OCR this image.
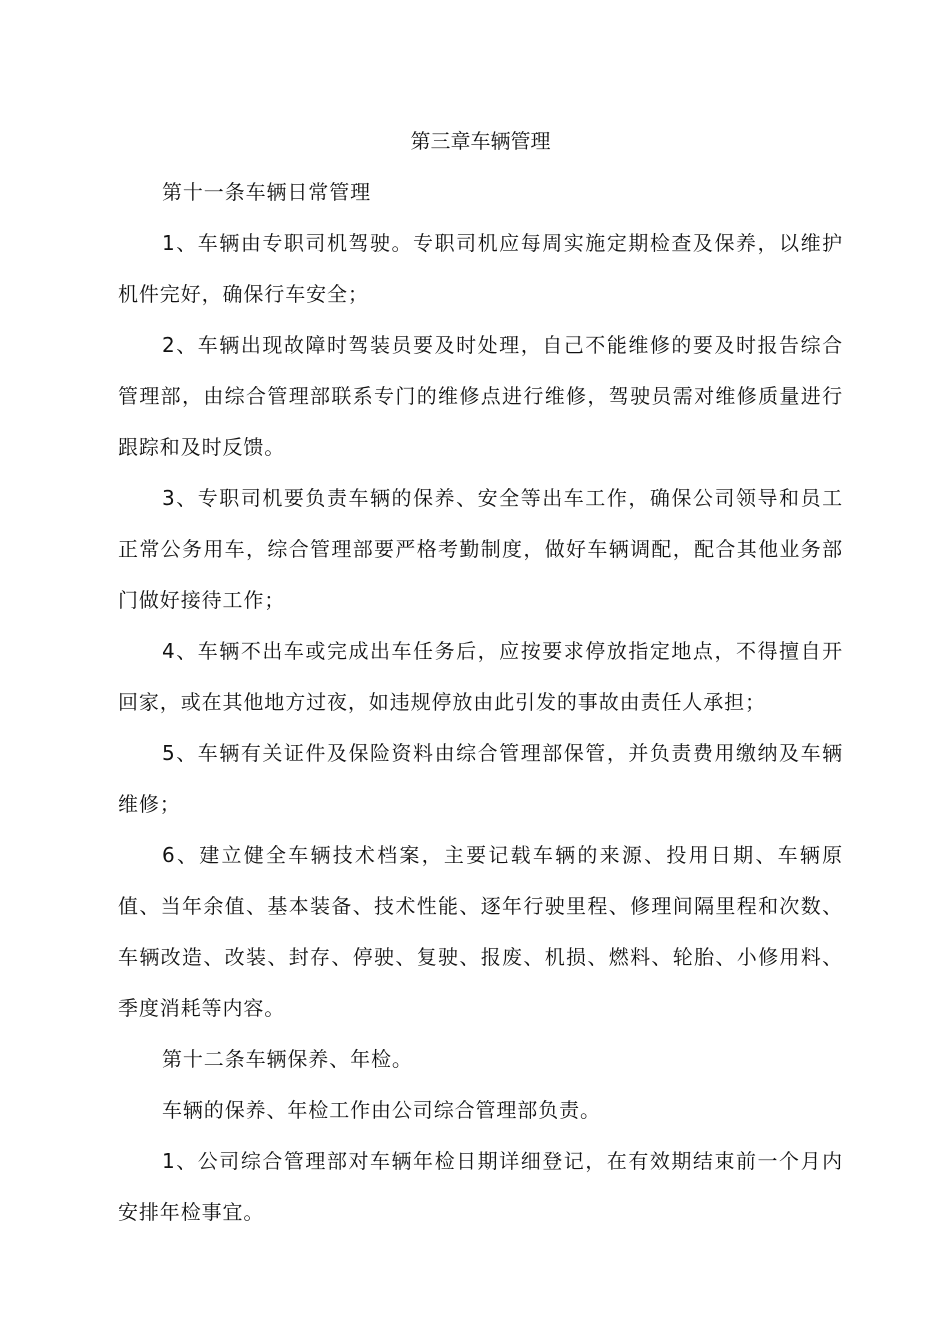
第三章车辆管理

第十一条车辆日常管理

1、车辆由专职司机驾驶。专职司机应每周实施定期检查及保养，以维护机件完好，确保行车安全；

2、车辆出现故障时驾装员要及时处理，自己不能维修的要及时报告综合管理部，由综合管理部联系专门的维修点进行维修，驾驶员需对维修质量进行跟踪和及时反馈。

3、专职司机要负责车辆的保养、安全等出车工作，确保公司领导和员工正常公务用车，综合管理部要严格考勤制度，做好车辆调配，配合其他业务部门做好接待工作；

4、车辆不出车或完成出车任务后，应按要求停放指定地点，不得擅自开回家，或在其他地方过夜，如违规停放由此引发的事故由责任人承担；

5、车辆有关证件及保险资料由综合管理部保管，并负责费用缴纳及车辆维修；

6、建立健全车辆技术档案，主要记载车辆的来源、投用日期、车辆原值、当年余值、基本装备、技术性能、逐年行驶里程、修理间隔里程和次数、车辆改造、改装、封存、停驶、复驶、报废、机损、燃料、轮胎、小修用料、季度消耗等内容。

第十二条车辆保养、年检。

车辆的保养、年检工作由公司综合管理部负责。

1、公司综合管理部对车辆年检日期详细登记，在有效期结束前一个月内安排年检事宜。
